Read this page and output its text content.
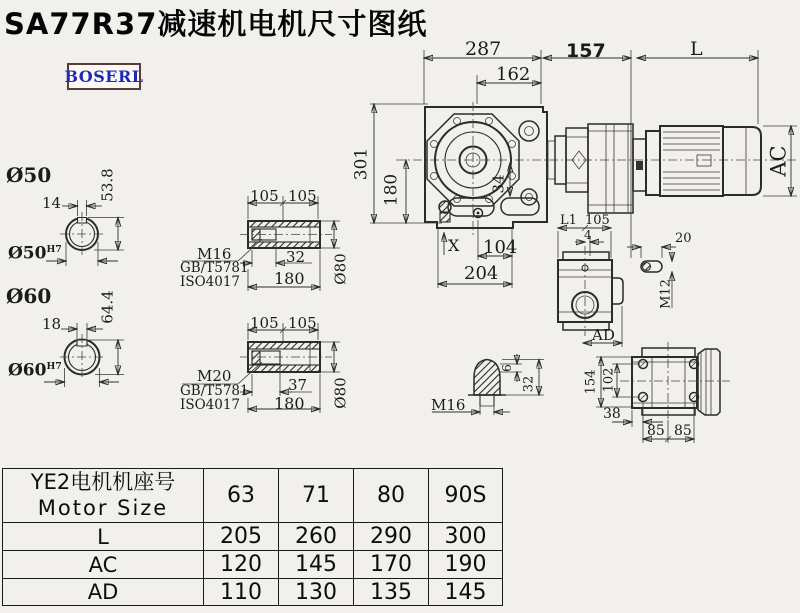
SA77R37减速机电机尺寸图纸
BOSERL
287
162
157	L
301
180	34
AC
X 104
204
Ø50
14
53.8
$Ø50^{H7}$
Ø60
18
64.4
$Ø60^{H7}$
105 105
M16
GB/T5781
ISO4017
32
180 Ø80
105 105
M20
GB/T5781
ISO4017
37
180 Ø80
L1 105
4
AD
20
M12
M16
6
32	154 102
38
85 85
YE2电机机座号
Motor Size	63	71	80	90S
L	205	260	290	300
AC	120	145	170	190
AD	110	130	135	145
